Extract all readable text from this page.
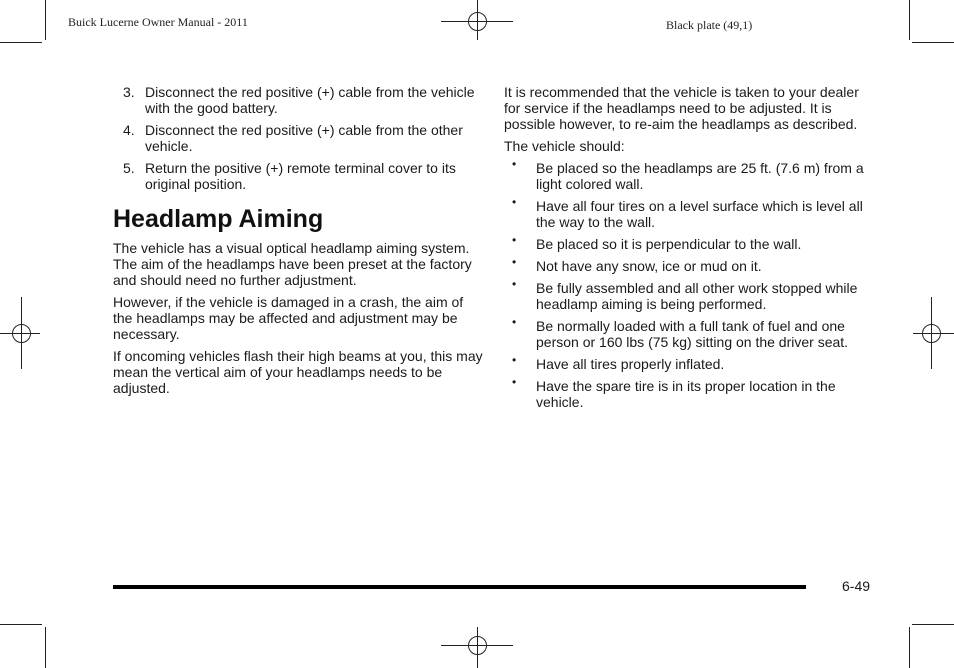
Buick Lucerne Owner Manual - 2011	Black plate (49,1)
3. Disconnect the red positive (+) cable from the vehicle with the good battery.
4. Disconnect the red positive (+) cable from the other vehicle.
5. Return the positive (+) remote terminal cover to its original position.
Headlamp Aiming

The vehicle has a visual optical headlamp aiming system. The aim of the headlamps have been preset at the factory and should need no further adjustment.

However, if the vehicle is damaged in a crash, the aim of the headlamps may be affected and adjustment may be necessary.

If oncoming vehicles flash their high beams at you, this may mean the vertical aim of your headlamps needs to be adjusted.

It is recommended that the vehicle is taken to your dealer for service if the headlamps need to be adjusted. It is possible however, to re-aim the headlamps as described.

The vehicle should:

• Be placed so the headlamps are 25 ft. (7.6 m) from a light colored wall.
• Have all four tires on a level surface which is level all the way to the wall.
• Be placed so it is perpendicular to the wall.
• Not have any snow, ice or mud on it.
• Be fully assembled and all other work stopped while headlamp aiming is being performed.
• Be normally loaded with a full tank of fuel and one person or 160 lbs (75 kg) sitting on the driver seat.
• Have all tires properly inflated.
• Have the spare tire is in its proper location in the vehicle.
6-49
